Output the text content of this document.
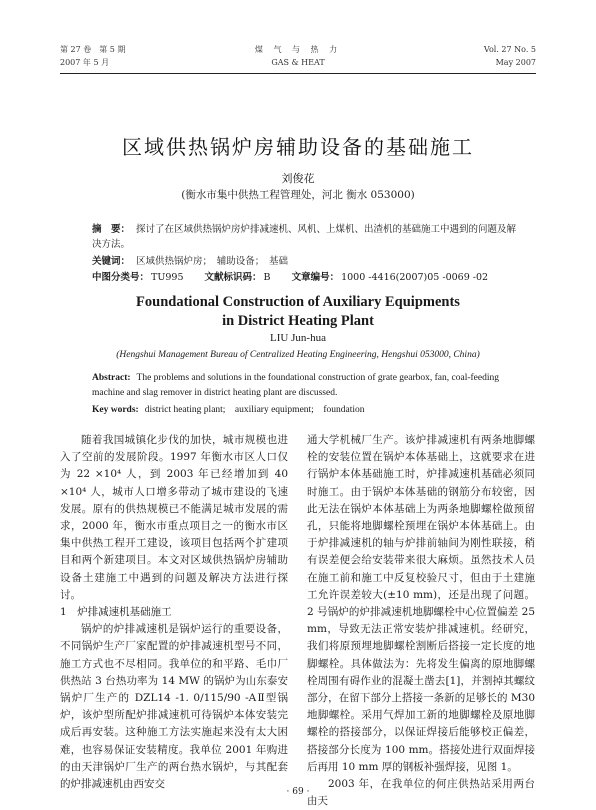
第 27 卷　第 5 期
2007 年 5 月
煤 气 与 热 力
GAS & HEAT
Vol. 27 No. 5
May 2007
区域供热锅炉房辅助设备的基础施工
刘俊花
(衡水市集中供热工程管理处，河北 衡水 053000)
摘　要： 探讨了在区域供热锅炉房炉排减速机、风机、上煤机、出渣机的基础施工中遇到的问题及解决方法。
关键词： 区域供热锅炉房；　辅助设备；　基础
中图分类号： TU995 文献标识码： B 文章编号： 1000 -4416(2007)05 -0069 -02
Foundational Construction of Auxiliary Equipments
in District Heating Plant
LIU Jun-hua
(Hengshui Management Bureau of Centralized Heating Engineering, Hengshui 053000, China)
Abstract: The problems and solutions in the foundational construction of grate gearbox, fan, coal-feeding machine and slag remover in district heating plant are discussed.
Key words: district heating plant;　auxiliary equipment;　foundation

随着我国城镇化步伐的加快，城市规模也进入了空前的发展阶段。1997 年衡水市区人口仅为 22 ×10⁴ 人，到 2003 年已经增加到 40 ×10⁴ 人，城市人口增多带动了城市建设的飞速发展。原有的供热规模已不能满足城市发展的需求，2000 年，衡水市重点项目之一的衡水市区集中供热工程开工建设，该项目包括两个扩建项目和两个新建项目。本文对区域供热锅炉房辅助设备土建施工中遇到的问题及解决方法进行探讨。

1　炉排减速机基础施工

锅炉的炉排减速机是锅炉运行的重要设备，不同锅炉生产厂家配置的炉排减速机型号不同，施工方式也不尽相同。我单位的和平路、毛巾厂供热站 3 台热功率为 14 MW 的锅炉为山东泰安锅炉厂生产的 DZL14 -1. 0/115/90 -AⅡ型锅炉，该炉型所配炉排减速机可待锅炉本体安装完成后再安装。这种施工方法实施起来没有太大困难，也容易保证安装精度。我单位 2001 年购进的由天津锅炉厂生产的两台热水锅炉，与其配套的炉排减速机由西安交

通大学机械厂生产。该炉排减速机有两条地脚螺栓的安装位置在锅炉本体基础上，这就要求在进行锅炉本体基础施工时，炉排减速机基础必须同时施工。由于锅炉本体基础的钢筋分布较密，因此无法在锅炉本体基础上为两条地脚螺栓做预留孔，只能将地脚螺栓预埋在锅炉本体基础上。由于炉排减速机的轴与炉排前轴间为刚性联接，稍有误差便会给安装带来很大麻烦。虽然技术人员在施工前和施工中反复校验尺寸，但由于土建施工允许误差较大(±10 mm)，还是出现了问题。2 号锅炉的炉排减速机地脚螺栓中心位置偏差 25 mm，导致无法正常安装炉排减速机。经研究，我们将原预埋地脚螺栓割断后搭接一定长度的地脚螺栓。具体做法为：先将发生偏离的原地脚螺栓周围有碍作业的混凝土凿去[1]，并割掉其螺纹部分，在留下部分上搭接一条新的足够长的 M30 地脚螺栓。采用气焊加工新的地脚螺栓及原地脚螺栓的搭接部分，以保证焊接后能够校正偏差，搭接部分长度为 100 mm。搭接处进行双面焊接后再用 10 mm 厚的钢板补强焊接，见图 1。

2003 年，在我单位的何庄供热站采用两台由天

· 69 ·
